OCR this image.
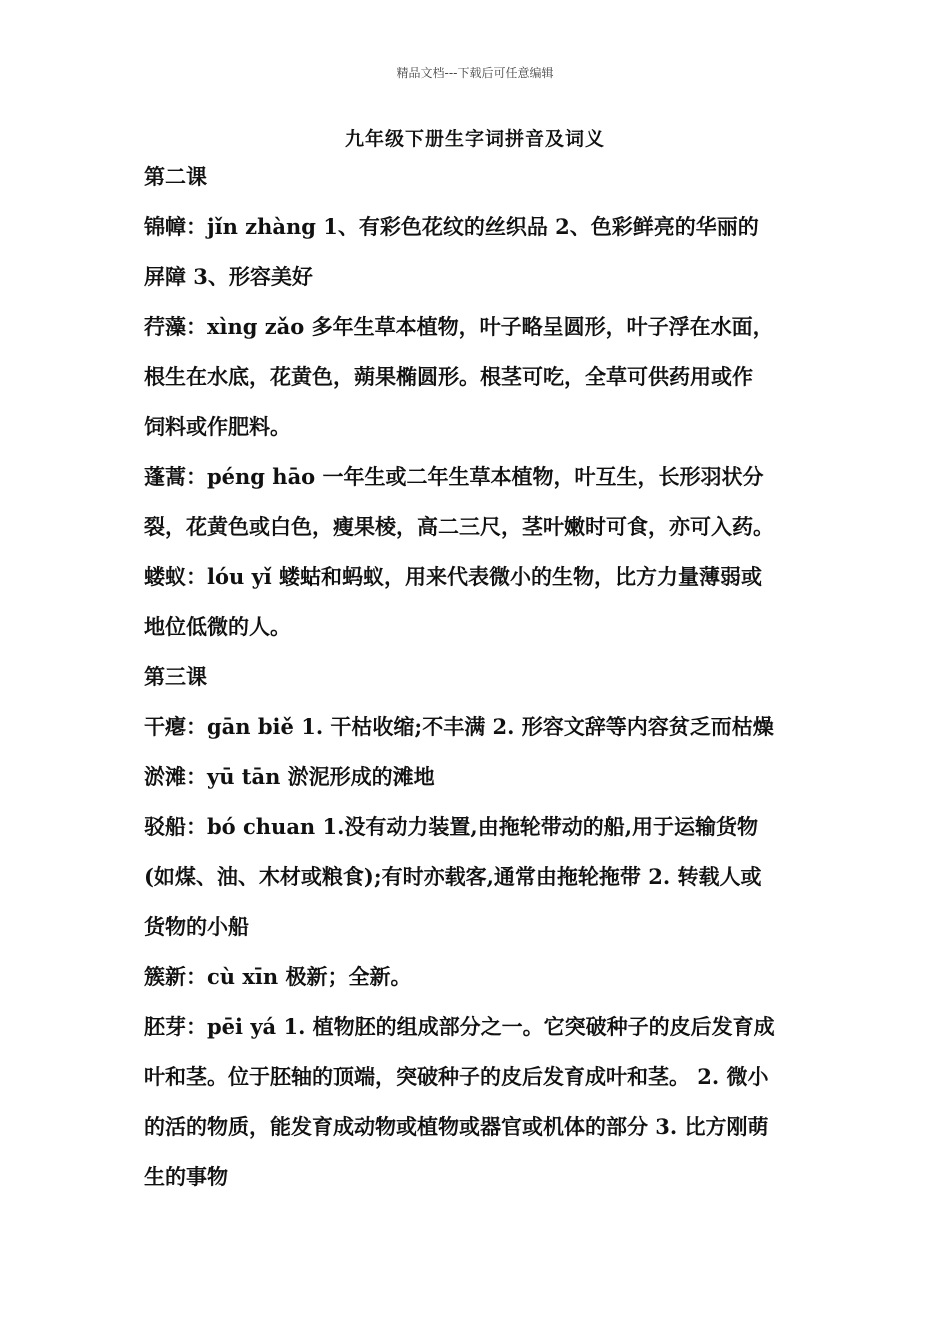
精品文档---下载后可任意编辑
九年级下册生字词拼音及词义
第二课
锦幛：jǐn zhàng 1、有彩色花纹的丝织品 2、色彩鲜亮的华丽的
屏障 3、形容美好
荇藻：xìng zǎo 多年生草本植物，叶子略呈圆形，叶子浮在水面，
根生在水底，花黄色，蒴果椭圆形。根茎可吃，全草可供药用或作
饲料或作肥料。
蓬蒿：péng hāo 一年生或二年生草本植物，叶互生，长形羽状分
裂，花黄色或白色，瘦果棱，高二三尺，茎叶嫩时可食，亦可入药。
蝼蚁：lóu yǐ 蝼蛄和蚂蚁，用来代表微小的生物，比方力量薄弱或
地位低微的人。
第三课
干瘪：gān biě 1. 干枯收缩;不丰满 2. 形容文辞等内容贫乏而枯燥
淤滩：yū tān 淤泥形成的滩地
驳船：bó chuan 1.没有动力装置,由拖轮带动的船,用于运输货物
(如煤、油、木材或粮食);有时亦载客,通常由拖轮拖带 2. 转载人或
货物的小船
簇新：cù xīn 极新；全新。
胚芽：pēi yá 1. 植物胚的组成部分之一。它突破种子的皮后发育成
叶和茎。位于胚轴的顶端，突破种子的皮后发育成叶和茎。 2. 微小
的活的物质，能发育成动物或植物或器官或机体的部分 3. 比方刚萌
生的事物
